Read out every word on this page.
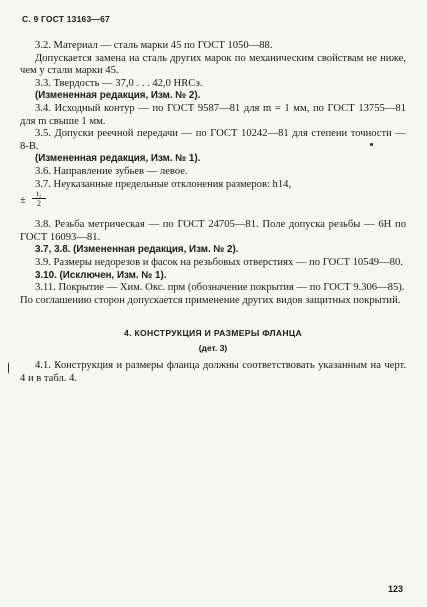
С. 9 ГОСТ 13163—67

3.2. Материал — сталь марки 45 по ГОСТ 1050—88.

Допускается замена на сталь других марок по механическим свойствам не ниже, чем у стали марки 45.

3.3. Твердость — 37,0 . . . 42,0 HRCэ.

(Измененная редакция, Изм. № 2).

3.4. Исходный контур — по ГОСТ 9587—81 для m = 1 мм, по ГОСТ 13755—81 для m свыше 1 мм.

3.5. Допуски реечной передачи — по ГОСТ 10242—81 для степени точности — 8-В.

(Измененная редакция, Изм. № 1).

3.6. Направление зубьев — левое.

3.7. Неуказанные предельные отклонения размеров: h14,

± $\frac{\text{t₂}}{2}$

3.8. Резьба метрическая — по ГОСТ 24705—81. Поле допуска резьбы — 6Н по ГОСТ 16093—81.

3.7, 3.8. (Измененная редакция, Изм. № 2).

3.9. Размеры недорезов и фасок на резьбовых отверстиях — по ГОСТ 10549—80.

3.10. (Исключен, Изм. № 1).

3.11. Покрытие — Хим. Окс. прм (обозначение покрытия — по ГОСТ 9.306—85). По соглашению сторон допускается применение других видов защитных покрытий.

4. КОНСТРУКЦИЯ И РАЗМЕРЫ ФЛАНЦА
(дет. 3)

4.1. Конструкция и размеры фланца должны соответствовать указанным на черт. 4 и в табл. 4.

123
